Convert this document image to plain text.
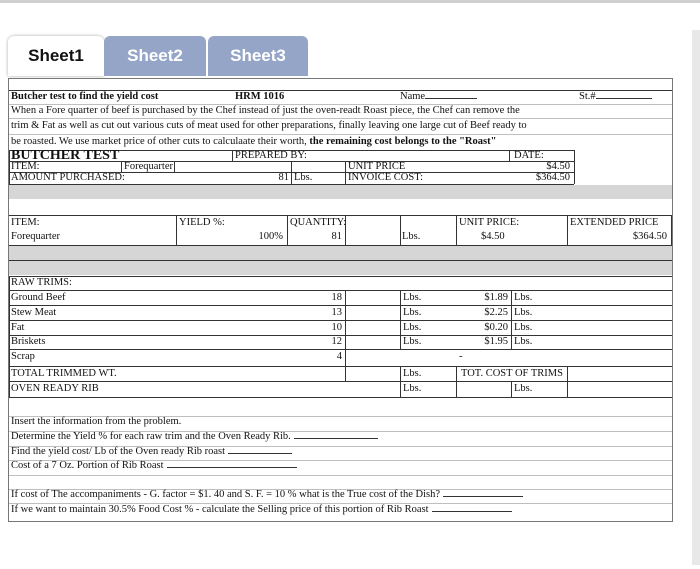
Sheet1	Sheet2	Sheet3
Butcher test to find the yield cost	HRM 1016	Name	St.#
When a Fore quarter of beef is purchased by the Chef instead of just the oven-readt Roast piece, the Chef can remove the
trim & Fat as well as cut out various cuts of meat used for other preparations, finally leaving one large cut of Beef ready to
be roasted. We use market price of other cuts to calculaate their worth, the remaining cost belongs to the "Roast"
BUTCHER TEST	PREPARED BY:	DATE:
ITEM:	Forequarter	UNIT PRICE	$4.50
AMOUNT PURCHASED:	81 Lbs.	INVOICE COST:	$364.50
ITEM:	YIELD %:	QUANTITY:	UNIT PRICE:	EXTENDED PRICE
Forequarter	100%	81	Lbs.	$4.50	$364.50
RAW TRIMS:
Ground Beef	18	Lbs.	$1.89 Lbs.
Stew Meat	13	Lbs.	$2.25 Lbs.
Fat	10	Lbs.	$0.20 Lbs.
Briskets	12	Lbs.	$1.95 Lbs.
Scrap	4	-
TOTAL TRIMMED WT.	Lbs.	TOT. COST OF TRIMS
OVEN READY RIB	Lbs.	Lbs.
Insert the information from the problem.
Determine the Yield % for each raw trim and the Oven Ready Rib.
Find the yield cost/ Lb of the Oven ready Rib roast
Cost of a 7 Oz. Portion of Rib Roast
If cost of The accompaniments - G. factor = $1. 40 and S. F. = 10 % what is the True cost of the Dish?
If we want to maintain 30.5% Food Cost % - calculate the Selling price of this portion of Rib Roast
